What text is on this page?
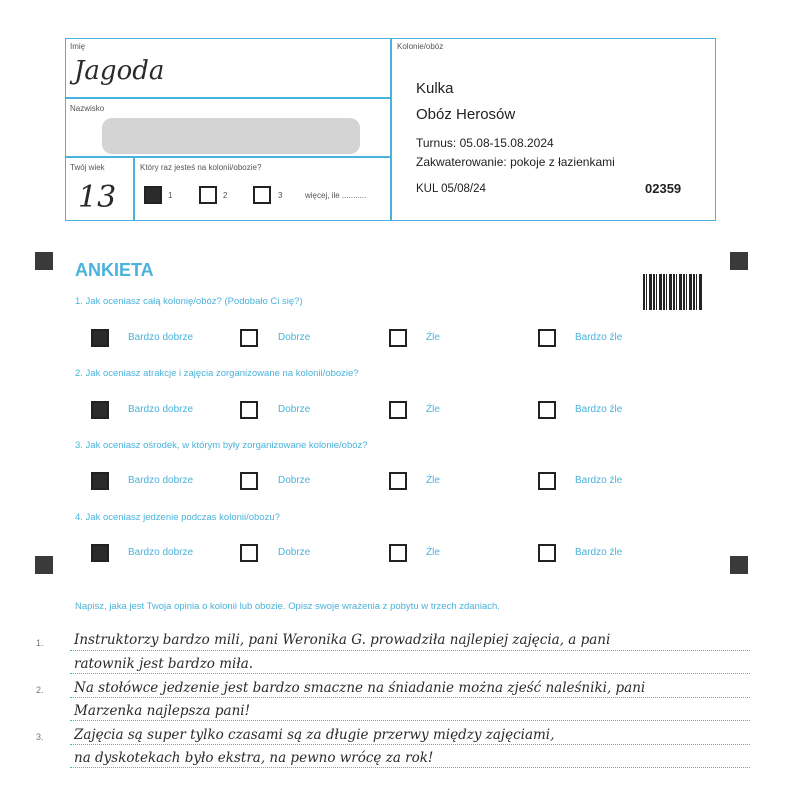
Imię
Jagoda
Nazwisko
Twój wiek
13
Który raz jesteś na kolonii/obozie?
1	2	3	więcej, ile ...........
Kolonie/obóz
Kulka
Obóz Herosów
Turnus: 05.08-15.08.2024
Zakwaterowanie: pokoje z łazienkami
KUL 05/08/24	02359
ANKIETA
1. Jak oceniasz całą kolonię/obóz? (Podobało Ci się?)
Bardzo dobrze	Dobrze	Źle	Bardzo źle
2. Jak oceniasz atrakcje i zajęcia zorganizowane na kolonii/obozie?
Bardzo dobrze	Dobrze	Źle	Bardzo źle
3. Jak oceniasz ośrodek, w którym były zorganizowane kolonie/obóz?
Bardzo dobrze	Dobrze	Źle	Bardzo źle
4. Jak oceniasz jedzenie podczas kolonii/obozu?
Bardzo dobrze	Dobrze	Źle	Bardzo źle
Napisz, jaka jest Twoja opinia o kolonii lub obozie. Opisz swoje wrażenia z pobytu w trzech zdaniach.
1.
2.
3.
Instruktorzy bardzo mili, pani Weronika G. prowadziła najlepiej zajęcia, a pani
ratownik jest bardzo miła.
Na stołówce jedzenie jest bardzo smaczne na śniadanie można zjeść naleśniki, pani
Marzenka najlepsza pani!
Zajęcia są super tylko czasami są za długie przerwy między zajęciami,
na dyskotekach było ekstra, na pewno wrócę za rok!
